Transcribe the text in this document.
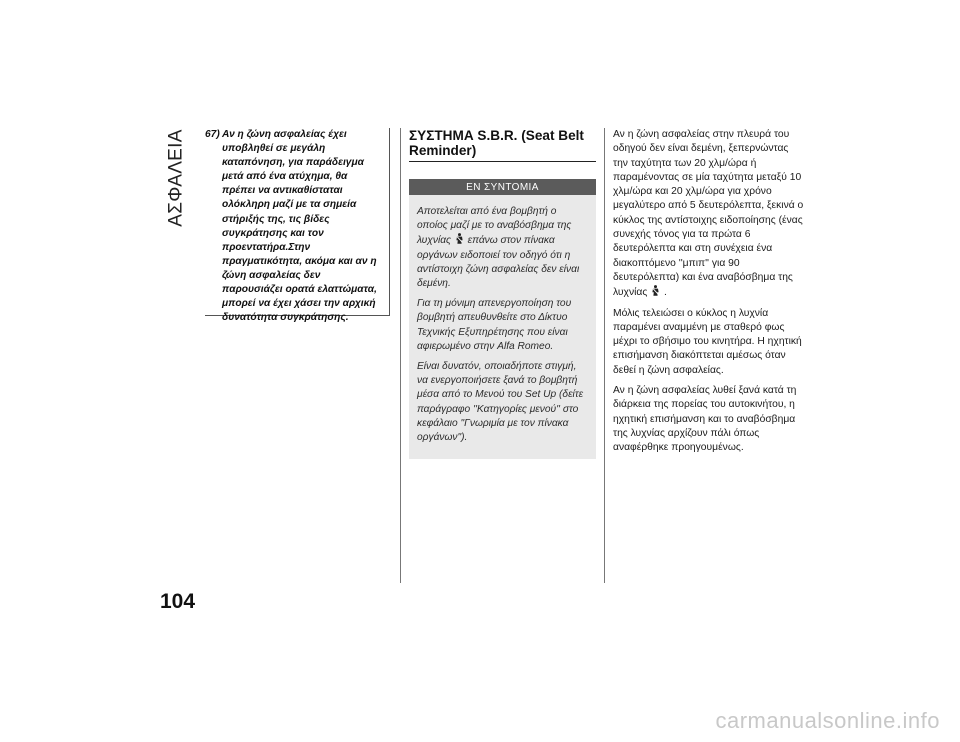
ΑΣΦΑΛΕΙΑ
104

67) Αν η ζώνη ασφαλείας έχει
υποβληθεί σε μεγάλη καταπόνηση, για παράδειγμα μετά από ένα ατύχημα, θα πρέπει να αντικαθίσταται ολόκληρη μαζί με τα σημεία στήριξής της, τις βίδες συγκράτησης και τον προεντατήρα.Στην πραγματικότητα, ακόμα και αν η ζώνη ασφαλείας δεν παρουσιάζει ορατά ελαττώματα, μπορεί να έχει χάσει την αρχική δυνατότητα συγκράτησης.

ΣΥΣΤΗΜΑ S.B.R. (Seat Belt Reminder)
ΕΝ ΣΥΝΤΟΜΙΑ

Αποτελείται από ένα βομβητή ο οποίος μαζί με το αναβόσβημα της λυχνίας επάνω στον πίνακα οργάνων ειδοποιεί τον οδηγό ότι η αντίστοιχη ζώνη ασφαλείας δεν είναι δεμένη.

Για τη μόνιμη απενεργοποίηση του βομβητή απευθυνθείτε στο Δίκτυο Τεχνικής Εξυπηρέτησης που είναι αφιερωμένο στην Alfa Romeo.

Είναι δυνατόν, οποιαδήποτε στιγμή, να ενεργοποιήσετε ξανά το βομβητή μέσα από το Μενού του Set Up (δείτε παράγραφο ''Κατηγορίες μενού'' στο κεφάλαιο "Γνωριμία με τον πίνακα οργάνων").

Αν η ζώνη ασφαλείας στην πλευρά του οδηγού δεν είναι δεμένη, ξεπερνώντας την ταχύτητα των 20 χλμ/ώρα ή παραμένοντας σε μία ταχύτητα μεταξύ 10 χλμ/ώρα και 20 χλμ/ώρα για χρόνο μεγαλύτερο από 5 δευτερόλεπτα, ξεκινά ο κύκλος της αντίστοιχης ειδοποίησης (ένας συνεχής τόνος για τα πρώτα 6 δευτερόλεπτα και στη συνέχεια ένα διακοπτόμενο ''μπιπ'' για 90 δευτερόλεπτα) και ένα αναβόσβημα της λυχνίας .

Μόλις τελειώσει ο κύκλος η λυχνία παραμένει αναμμένη με σταθερό φως μέχρι το σβήσιμο του κινητήρα. Η ηχητική επισήμανση διακόπτεται αμέσως όταν δεθεί η ζώνη ασφαλείας.

Αν η ζώνη ασφαλείας λυθεί ξανά κατά τη διάρκεια της πορείας του αυτοκινήτου, η ηχητική επισήμανση και το αναβόσβημα της λυχνίας αρχίζουν πάλι όπως αναφέρθηκε προηγουμένως.

carmanualsonline.info
